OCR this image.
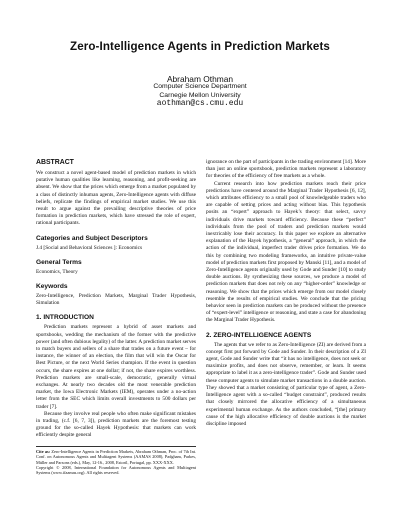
Zero-Intelligence Agents in Prediction Markets
Abraham Othman
Computer Science Department
Carnegie Mellon University
aothman@cs.cmu.edu
ABSTRACT

We construct a novel agent-based model of prediction markets in which putative human qualities like learning, reasoning, and profit-seeking are absent. We show that the prices which emerge from a market populated by a class of distinctly inhuman agents, Zero-Intelligence agents with diffuse beliefs, replicate the findings of empirical market studies. We use this result to argue against the prevailing descriptive theories of price formation in prediction markets, which have stressed the role of expert, rational participants.

Categories and Subject Descriptors

J.4 [Social and Behavioral Sciences ]: Economics

General Terms

Economics, Theory

Keywords

Zero-Intelligence, Prediction Markets, Marginal Trader Hypothesis, Simulation

1. INTRODUCTION

Prediction markets represent a hybrid of asset markets and sportsbooks, wedding the mechanism of the former with the predictive power (and often dubious legality) of the latter. A prediction market serves to match buyers and sellers of a share that trades on a future event – for instance, the winner of an election, the film that will win the Oscar for Best Picture, or the next World Series champion. If the event in question occurs, the share expires at one dollar; if not, the share expires worthless. Prediction markets are small-scale, democratic, generally virtual exchanges. At nearly two decades old the most venerable prediction market, the Iowa Electronic Markets (IEM), operates under a no-action letter from the SEC which limits overall investments to 500 dollars per trader [7].

Because they involve real people who often make significant mistakes in trading, (c.f. [6, 7, 3]), prediction markets are the foremost testing ground for the so-called Hayek Hypothesis: that markets can work efficiently despite general

Cite as: Zero-Intelligence Agents in Prediction Markets, Abraham Othman, Proc. of 7th Int. Conf. on Autonomous Agents and Multiagent Systems (AAMAS 2008), Padgham, Parkes, Müller and Parsons (eds.), May, 12-16., 2008, Estoril, Portugal, pp. XXX-XXX.

Copyright © 2008, International Foundation for Autonomous Agents and Multiagent Systems (www.ifaamas.org). All rights reserved.

ignorance on the part of participants in the trading environment [14]. More than just an online sportsbook, prediction markets represent a laboratory for theories of the efficiency of free markets as a whole.

Current research into how prediction markets reach their price predictions have centered around the Marginal Trader Hypothesis [6, 12], which attributes efficiency to a small pool of knowledgeable traders who are capable of setting prices and acting without bias. This hypothesis posits an “expert” approach to Hayek’s theory: that select, savvy individuals drive markets toward efficiency. Because these “perfect” individuals from the pool of traders and prediction markets would inextricably lose their accuracy. In this paper we explore an alternative explanation of the Hayek hypothesis, a “general” approach, in which the action of the individual, imperfect trader drives price formation. We do this by combining two modeling frameworks, an intuitive private-value model of prediction markets first proposed by Manski [11], and a model of Zero-Intelligence agents originally used by Gode and Sunder [10] to study double auctions. By synthesizing these sources, we produce a model of prediction markets that does not rely on any “higher-order” knowledge or reasoning. We show that the prices which emerge from our model closely resemble the results of empirical studies. We conclude that the pricing behavior seen in prediction markets can be produced without the presence of “expert-level” intelligence or reasoning, and state a case for abandoning the Marginal Trader Hypothesis.

2. ZERO-INTELLIGENCE AGENTS

The agents that we refer to as Zero-Intelligence (ZI) are derived from a concept first put forward by Gode and Sunder. In their description of a ZI agent, Gode and Sunder write that “it has no intelligence, does not seek or maximize profits, and does not observe, remember, or learn. It seems appropriate to label it as a zero-intelligence trader”. Gode and Sunder used these computer agents to simulate market transactions in a double auction. They showed that a market consisting of particular type of agent, a Zero-Intelligence agent with a so-called “budget constraint”, produced results that closely mirrored the allocative efficiency of a simultaneous experimental human exchange. As the authors concluded, “[the] primary cause of the high allocative efficiency of double auctions is the market discipline imposed
